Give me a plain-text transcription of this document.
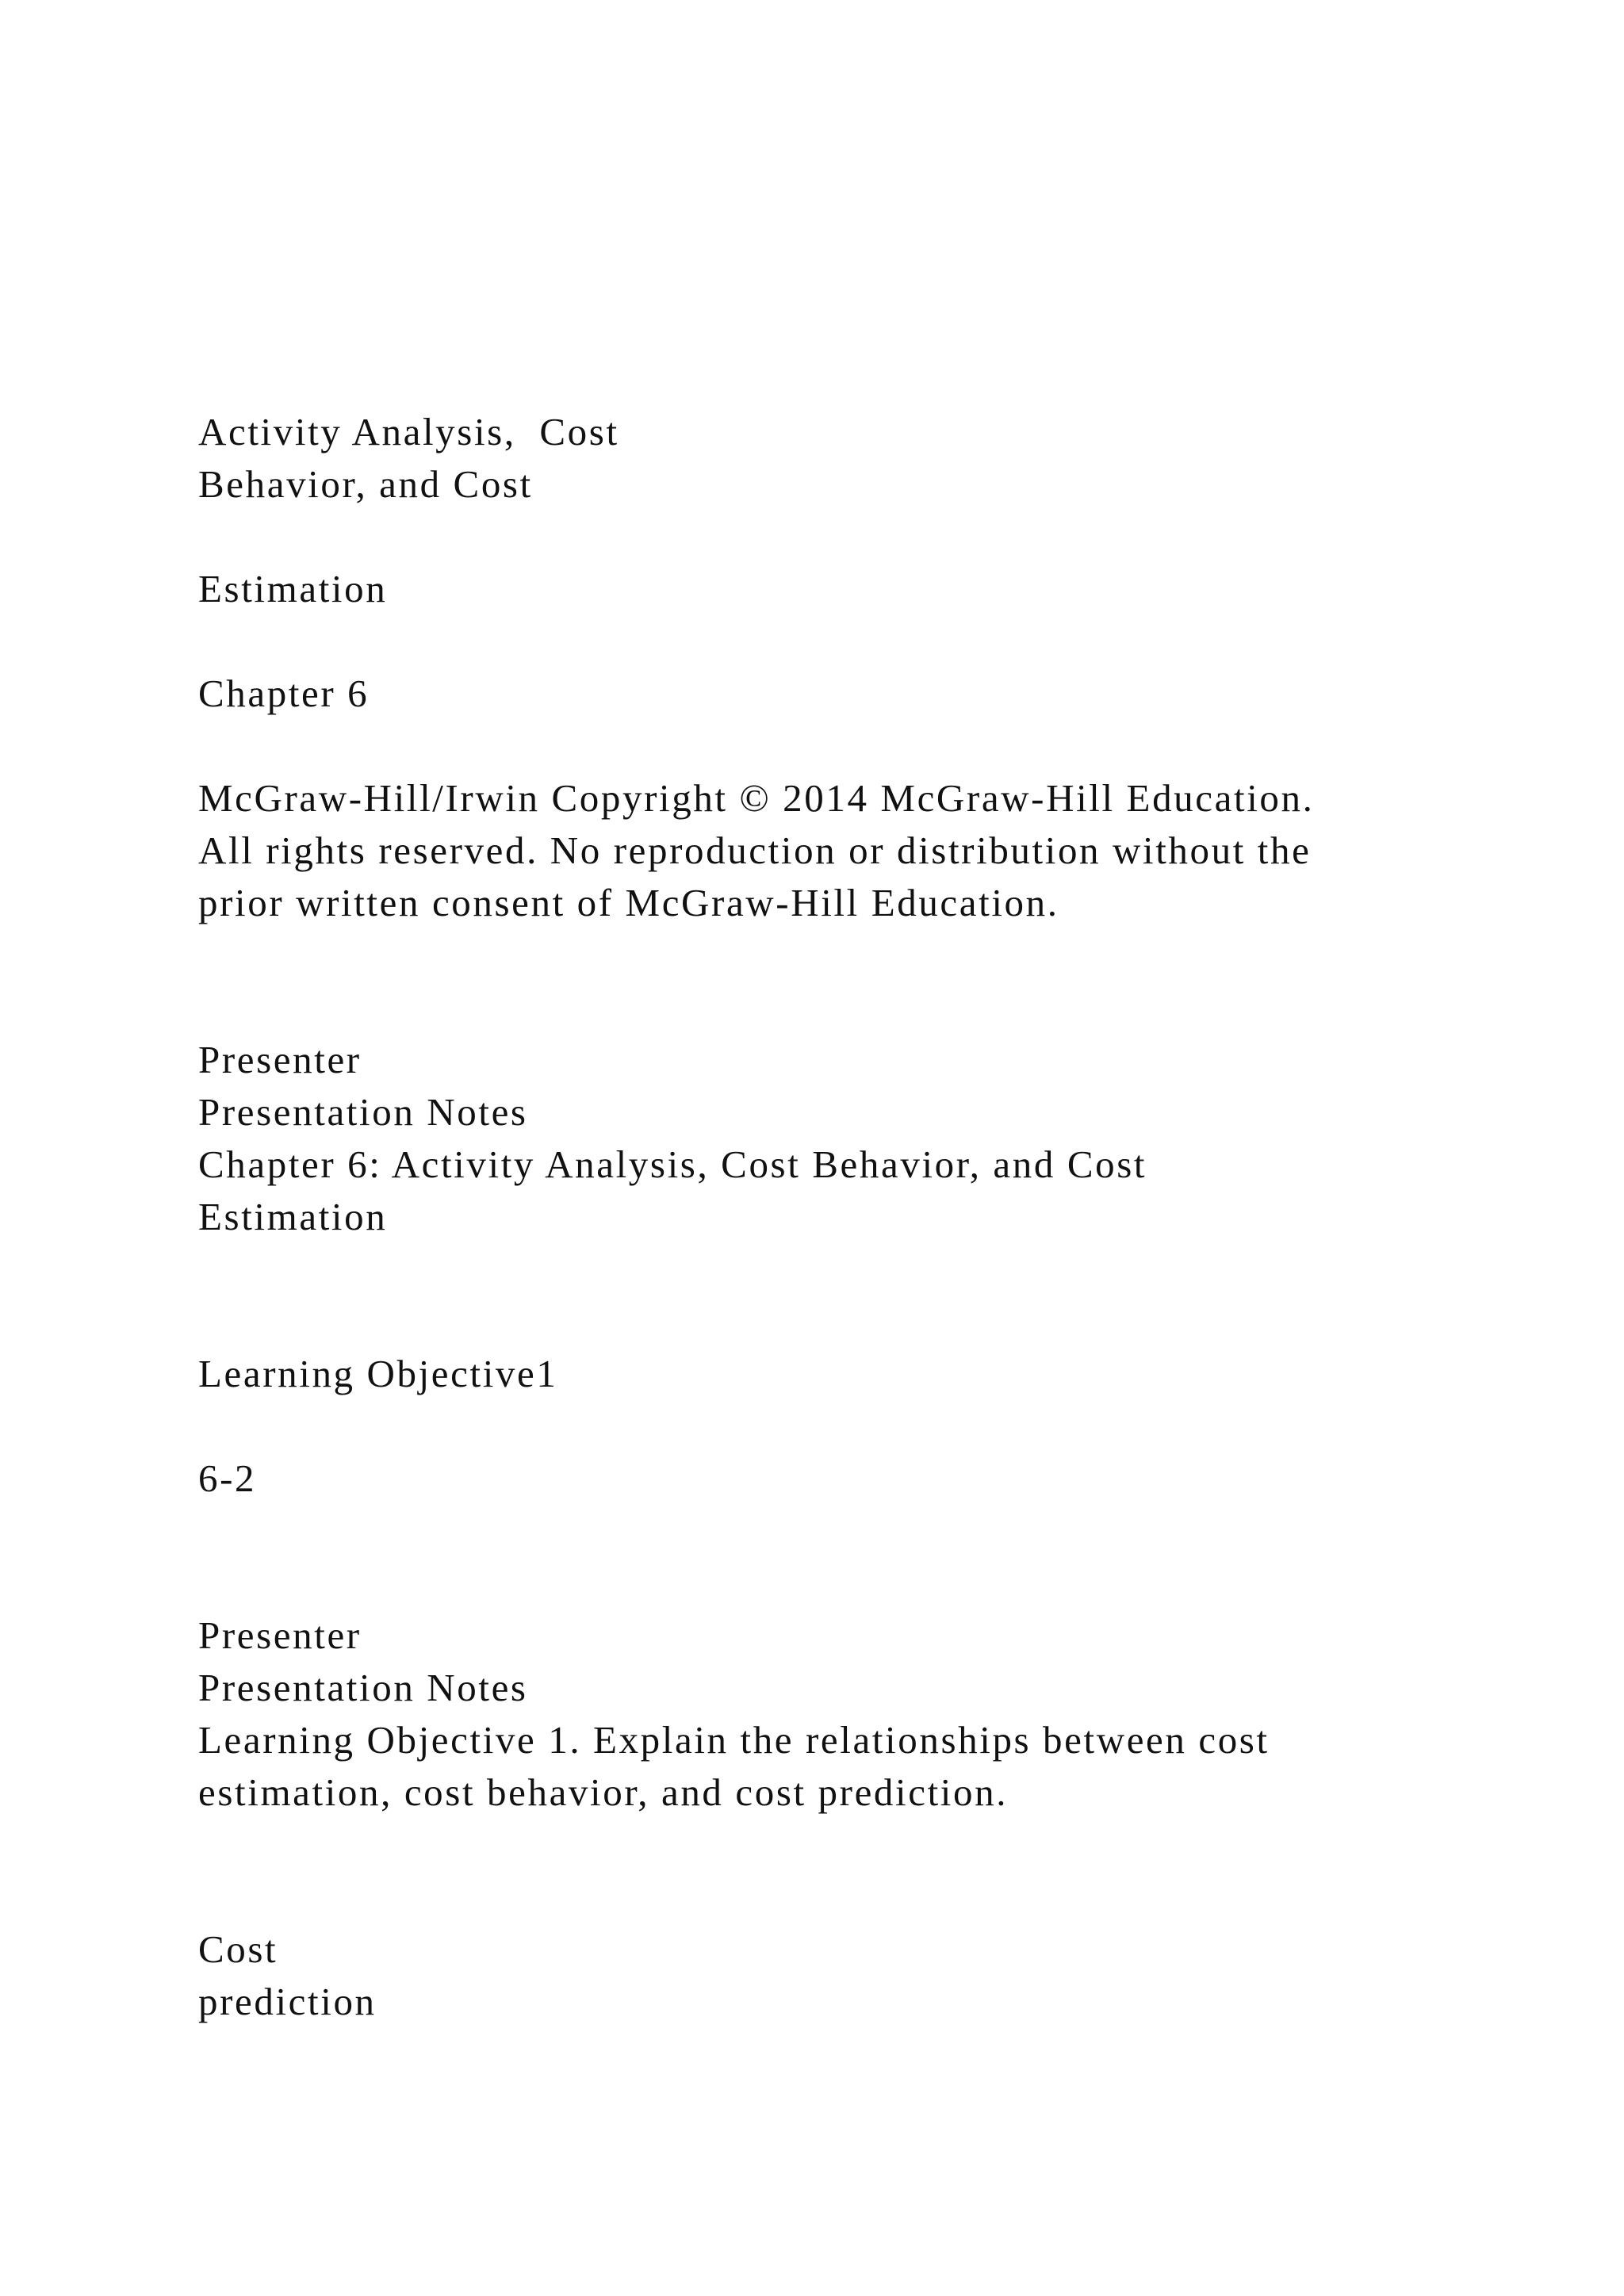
Activity Analysis,  Cost
Behavior, and Cost
Estimation
Chapter 6
McGraw-Hill/Irwin Copyright © 2014 McGraw-Hill Education.
All rights reserved. No reproduction or distribution without the
prior written consent of McGraw-Hill Education.
Presenter
Presentation Notes
Chapter 6: Activity Analysis, Cost Behavior, and Cost
Estimation
Learning Objective1
6-2
Presenter
Presentation Notes
Learning Objective 1. Explain the relationships between cost
estimation, cost behavior, and cost prediction.
Cost
prediction
